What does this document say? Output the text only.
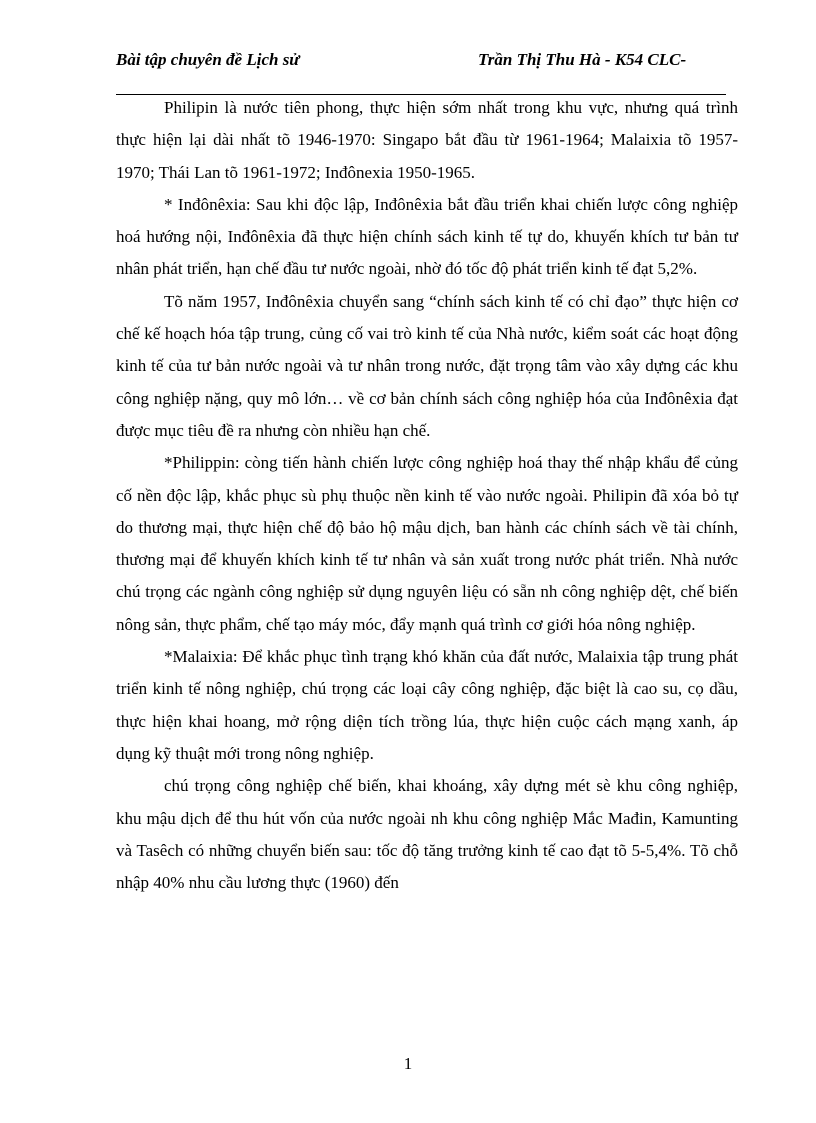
Bài tập chuyên đề Lịch sử	Trần Thị Thu Hà - K54 CLC-

Philipin là nước tiên phong, thực hiện sớm nhất trong khu vực, nhưng quá trình thực hiện lại dài nhất tõ 1946-1970: Singapo bắt đầu từ 1961-1964; Malaixia tõ 1957-1970; Thái Lan tõ 1961-1972; Inđônexia 1950-1965.

* Inđônêxia: Sau khi độc lập, Inđônêxia bắt đầu triển khai chiến lược công nghiệp hoá hướng nội, Inđônêxia đã thực hiện chính sách kinh tế tự do, khuyến khích tư bản tư nhân phát triển, hạn chế đầu tư nước ngoài, nhờ đó tốc độ phát triển kinh tế đạt 5,2%.

Tõ năm 1957, Inđônêxia chuyển sang “chính sách kinh tế có chỉ đạo” thực hiện cơ chế kế hoạch hóa tập trung, củng cố vai trò kinh tế của Nhà nước, kiểm soát các hoạt động kinh tế của tư bản nước ngoài và tư nhân trong nước, đặt trọng tâm vào xây dựng các khu công nghiệp nặng, quy mô lớn… về cơ bản chính sách công nghiệp hóa của Inđônêxia đạt được mục tiêu đề ra nhưng còn nhiều hạn chế.

*Philippin: còng tiến hành chiến lược công nghiệp hoá thay thế nhập khẩu để củng cố nền độc lập, khắc phục sù phụ thuộc nền kinh tế vào nước ngoài. Philipin đã xóa bỏ tự do thương mại, thực hiện chế độ bảo hộ mậu dịch, ban hành các chính sách về tài chính, thương mại để khuyến khích kinh tế tư nhân và sản xuất trong nước phát triển. Nhà nước chú trọng các ngành công nghiệp sử dụng nguyên liệu có sẵn nh công nghiệp dệt, chế biến nông sản, thực phẩm, chế tạo máy móc, đẩy mạnh quá trình cơ giới hóa nông nghiệp.

*Malaixia: Để khắc phục tình trạng khó khăn của đất nước, Malaixia tập trung phát triển kinh tế nông nghiệp, chú trọng các loại cây công nghiệp, đặc biệt là cao su, cọ dầu, thực hiện khai hoang, mở rộng diện tích trồng lúa, thực hiện cuộc cách mạng xanh, áp dụng kỹ thuật mới trong nông nghiệp.

chú trọng công nghiệp chế biến, khai khoáng, xây dựng mét sè khu công nghiệp, khu mậu dịch để thu hút vốn của nước ngoài nh khu công nghiệp Mắc Mađin, Kamunting và Tasêch có những chuyển biến sau: tốc độ tăng trưởng kinh tế cao đạt tõ 5-5,4%. Tõ chỗ nhập 40% nhu cầu lương thực (1960) đến

1
